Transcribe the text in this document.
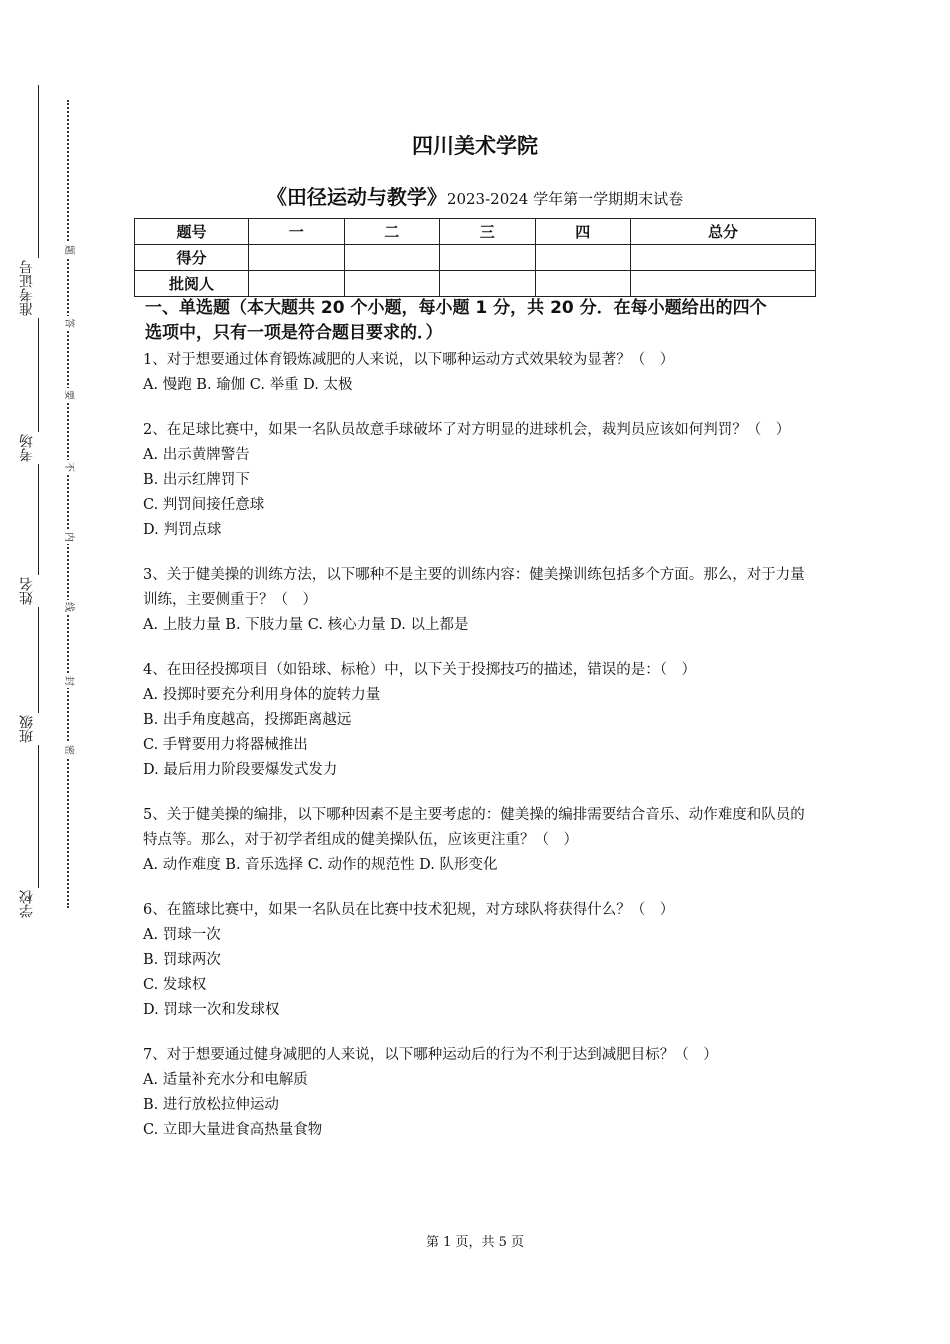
学校
班级
姓名
考场
准考证号
题
答
要
不
内
线
封
密
四川美术学院
《田径运动与教学》2023-2024 学年第一学期期末试卷
题号	一	二	三	四	总分
得分					
批阅人					
一、单选题（本大题共 20 个小题，每小题 1 分，共 20 分．在每小题给出的四个
选项中，只有一项是符合题目要求的．）
1、对于想要通过体育锻炼减肥的人来说，以下哪种运动方式效果较为显著？（　）
A. 慢跑 B. 瑜伽 C. 举重 D. 太极
2、在足球比赛中，如果一名队员故意手球破坏了对方明显的进球机会，裁判员应该如何判罚？（　）
A. 出示黄牌警告
B. 出示红牌罚下
C. 判罚间接任意球
D. 判罚点球
3、关于健美操的训练方法，以下哪种不是主要的训练内容：健美操训练包括多个方面。那么，对于力量训练，主要侧重于？（　）
A. 上肢力量 B. 下肢力量 C. 核心力量 D. 以上都是
4、在田径投掷项目（如铅球、标枪）中，以下关于投掷技巧的描述，错误的是：（　）
A. 投掷时要充分利用身体的旋转力量
B. 出手角度越高，投掷距离越远
C. 手臂要用力将器械推出
D. 最后用力阶段要爆发式发力
5、关于健美操的编排，以下哪种因素不是主要考虑的：健美操的编排需要结合音乐、动作难度和队员的特点等。那么，对于初学者组成的健美操队伍，应该更注重？（　）
A. 动作难度 B. 音乐选择 C. 动作的规范性 D. 队形变化
6、在篮球比赛中，如果一名队员在比赛中技术犯规，对方球队将获得什么？（　）
A. 罚球一次
B. 罚球两次
C. 发球权
D. 罚球一次和发球权
7、对于想要通过健身减肥的人来说，以下哪种运动后的行为不利于达到减肥目标？（　）
A. 适量补充水分和电解质
B. 进行放松拉伸运动
C. 立即大量进食高热量食物
第 1 页，共 5 页
